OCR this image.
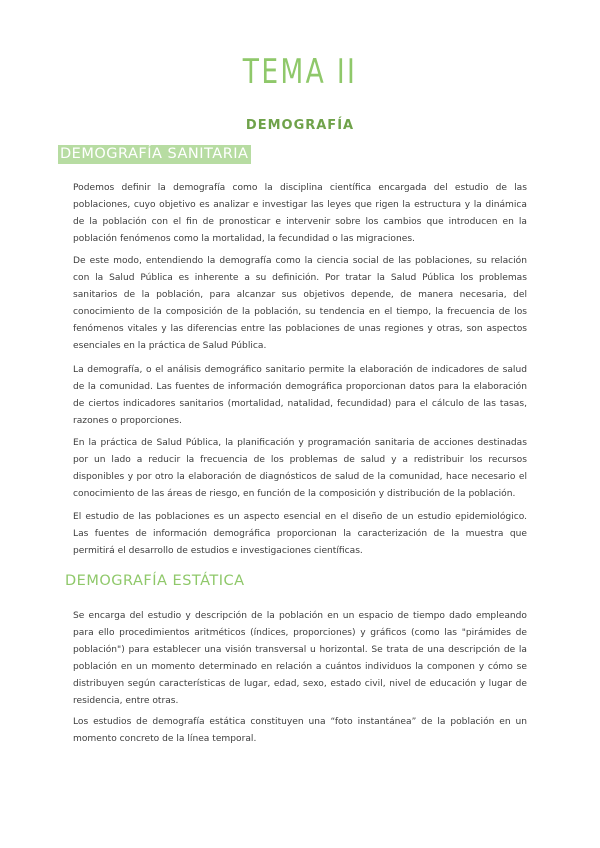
TEMA II
DEMOGRAFÍA
DEMOGRAFÍA SANITARIA

Podemos definir la demografía como la disciplina científica encargada del estudio de las poblaciones, cuyo objetivo es analizar e investigar las leyes que rigen la estructura y la dinámica de la población con el fin de pronosticar e intervenir sobre los cambios que introducen en la población fenómenos como la mortalidad, la fecundidad o las migraciones.

De este modo, entendiendo la demografía como la ciencia social de las poblaciones, su relación con la Salud Pública es inherente a su definición. Por tratar la Salud Pública los problemas sanitarios de la población, para alcanzar sus objetivos depende, de manera necesaria, del conocimiento de la composición de la población, su tendencia en el tiempo, la frecuencia de los fenómenos vitales y las diferencias entre las poblaciones de unas regiones y otras, son aspectos esenciales en la práctica de Salud Pública.

La demografía, o el análisis demográfico sanitario permite la elaboración de indicadores de salud de la comunidad. Las fuentes de información demográfica proporcionan datos para la elaboración de ciertos indicadores sanitarios (mortalidad, natalidad, fecundidad) para el cálculo de las tasas, razones o proporciones.

En la práctica de Salud Pública, la planificación y programación sanitaria de acciones destinadas por un lado a reducir la frecuencia de los problemas de salud y a redistribuir los recursos disponibles y por otro la elaboración de diagnósticos de salud de la comunidad, hace necesario el conocimiento de las áreas de riesgo, en función de la composición y distribución de la población.

El estudio de las poblaciones es un aspecto esencial en el diseño de un estudio epidemiológico. Las fuentes de información demográfica proporcionan la caracterización de la muestra que permitirá el desarrollo de estudios e investigaciones científicas.

DEMOGRAFÍA ESTÁTICA

Se encarga del estudio y descripción de la población en un espacio de tiempo dado empleando para ello procedimientos aritméticos (índices, proporciones) y gráficos (como las "pirámides de población") para establecer una visión transversal u horizontal. Se trata de una descripción de la población en un momento determinado en relación a cuántos individuos la componen y cómo se distribuyen según características de lugar, edad, sexo, estado civil, nivel de educación y lugar de residencia, entre otras.

Los estudios de demografía estática constituyen una “foto instantánea” de la población en un momento concreto de la línea temporal.
